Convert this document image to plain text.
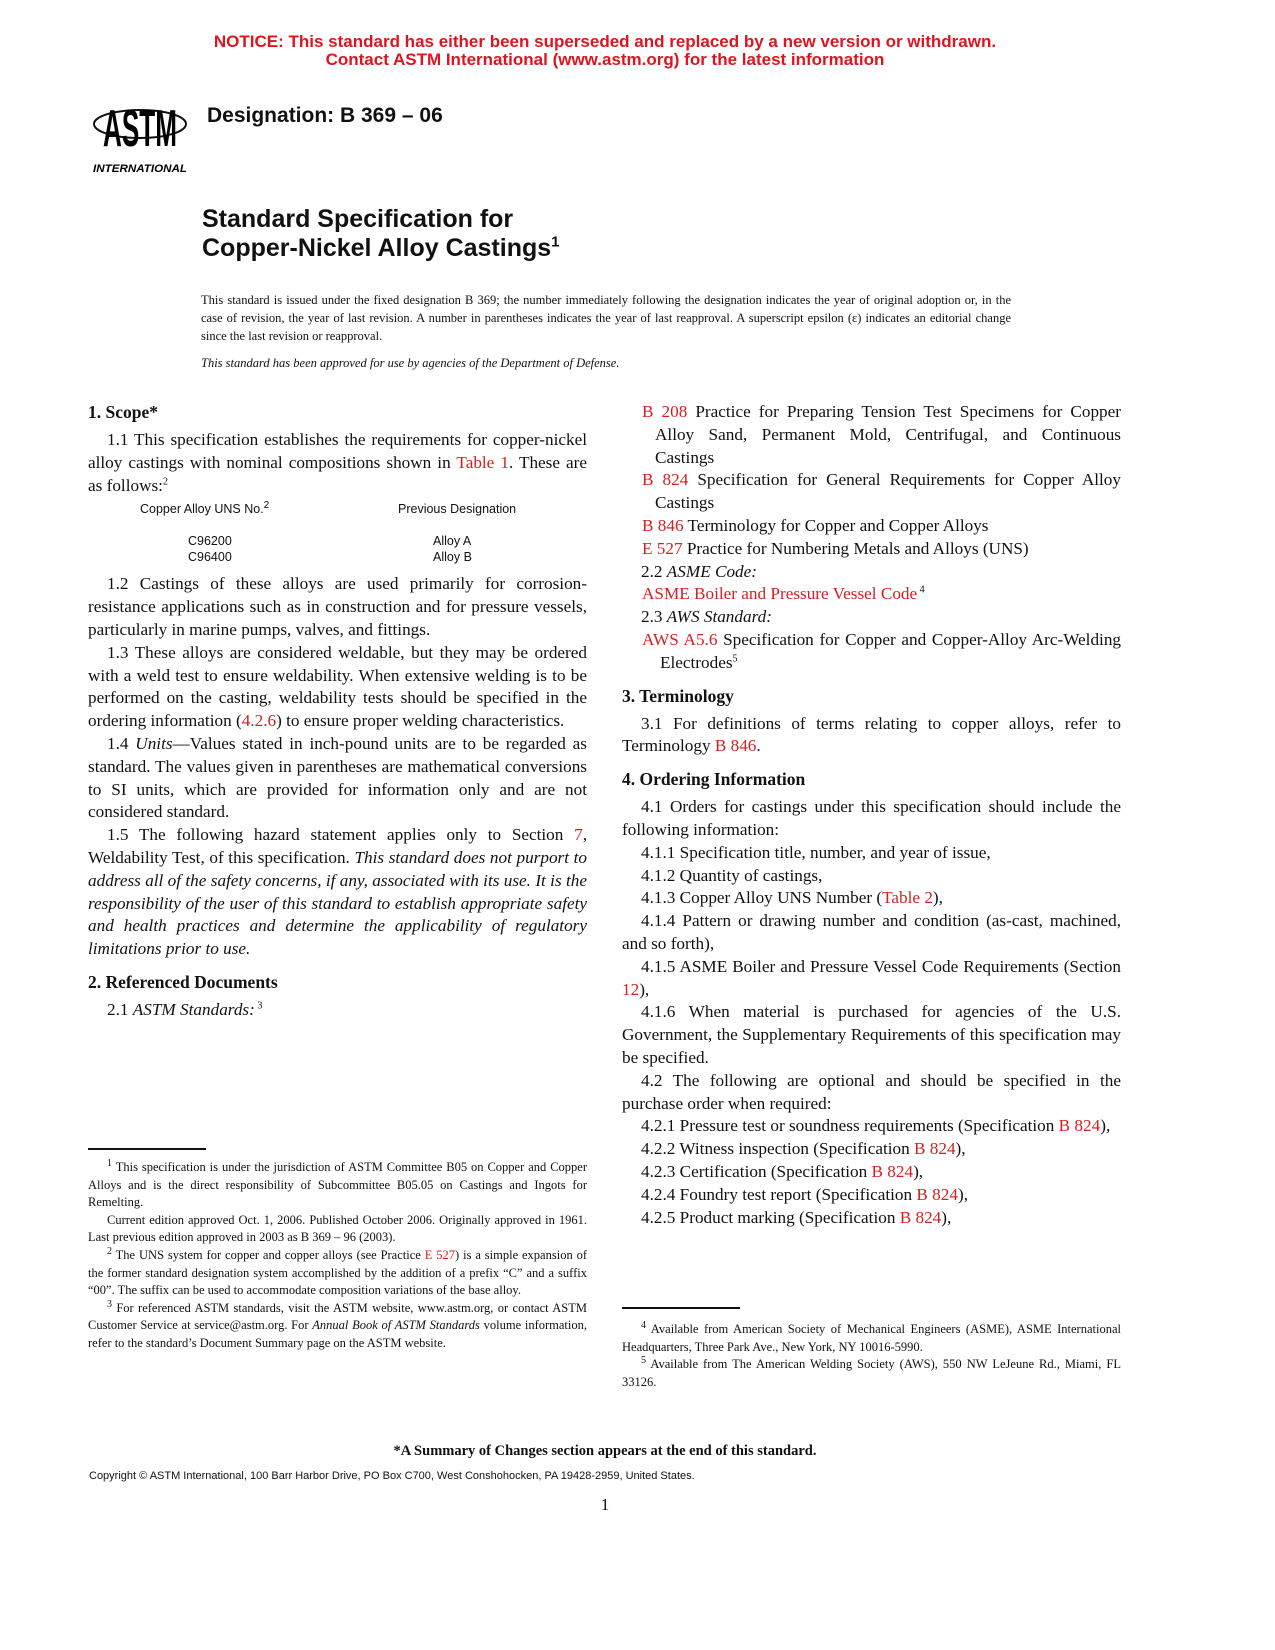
NOTICE: This standard has either been superseded and replaced by a new version or withdrawn.
Contact ASTM International (www.astm.org) for the latest information
ASTM
INTERNATIONAL
Designation: B 369 – 06
Standard Specification for
Copper-Nickel Alloy Castings$^1$
This standard is issued under the fixed designation B 369; the number immediately following the designation indicates the year of original adoption or, in the case of revision, the year of last revision. A number in parentheses indicates the year of last reapproval. A superscript epsilon (ε) indicates an editorial change since the last revision or reapproval.
This standard has been approved for use by agencies of the Department of Defense.
1. Scope*

1.1 This specification establishes the requirements for copper-nickel alloy castings with nominal compositions shown in Table 1. These are as follows:$^2$

Copper Alloy UNS No.$^2$	Previous Designation
C96200	Alloy A
C96400	Alloy B

1.2 Castings of these alloys are used primarily for corrosion-resistance applications such as in construction and for pressure vessels, particularly in marine pumps, valves, and fittings.

1.3 These alloys are considered weldable, but they may be ordered with a weld test to ensure weldability. When extensive welding is to be performed on the casting, weldability tests should be specified in the ordering information (4.2.6) to ensure proper welding characteristics.

1.4 Units—Values stated in inch-pound units are to be regarded as standard. The values given in parentheses are mathematical conversions to SI units, which are provided for information only and are not considered standard.

1.5 The following hazard statement applies only to Section 7, Weldability Test, of this specification. This standard does not purport to address all of the safety concerns, if any, associated with its use. It is the responsibility of the user of this standard to establish appropriate safety and health practices and determine the applicability of regulatory limitations prior to use.

2. Referenced Documents

2.1 ASTM Standards: $^3$

B 208 Practice for Preparing Tension Test Specimens for Copper Alloy Sand, Permanent Mold, Centrifugal, and Continuous Castings

B 824 Specification for General Requirements for Copper Alloy Castings

B 846 Terminology for Copper and Copper Alloys

E 527 Practice for Numbering Metals and Alloys (UNS)

2.2 ASME Code:

ASME Boiler and Pressure Vessel Code $^4$

2.3 AWS Standard:

AWS A5.6 Specification for Copper and Copper-Alloy Arc-Welding Electrodes$^5$

3. Terminology

3.1 For definitions of terms relating to copper alloys, refer to Terminology B 846.

4. Ordering Information

4.1 Orders for castings under this specification should include the following information:

4.1.1 Specification title, number, and year of issue,

4.1.2 Quantity of castings,

4.1.3 Copper Alloy UNS Number (Table 2),

4.1.4 Pattern or drawing number and condition (as-cast, machined, and so forth),

4.1.5 ASME Boiler and Pressure Vessel Code Requirements (Section 12),

4.1.6 When material is purchased for agencies of the U.S. Government, the Supplementary Requirements of this specification may be specified.

4.2 The following are optional and should be specified in the purchase order when required:

4.2.1 Pressure test or soundness requirements (Specification B 824),

4.2.2 Witness inspection (Specification B 824),

4.2.3 Certification (Specification B 824),

4.2.4 Foundry test report (Specification B 824),

4.2.5 Product marking (Specification B 824),

$^1$ This specification is under the jurisdiction of ASTM Committee B05 on Copper and Copper Alloys and is the direct responsibility of Subcommittee B05.05 on Castings and Ingots for Remelting.

Current edition approved Oct. 1, 2006. Published October 2006. Originally approved in 1961. Last previous edition approved in 2003 as B 369 – 96 (2003).

$^2$ The UNS system for copper and copper alloys (see Practice E 527) is a simple expansion of the former standard designation system accomplished by the addition of a prefix “C” and a suffix “00”. The suffix can be used to accommodate composition variations of the base alloy.

$^3$ For referenced ASTM standards, visit the ASTM website, www.astm.org, or contact ASTM Customer Service at service@astm.org. For Annual Book of ASTM Standards volume information, refer to the standard’s Document Summary page on the ASTM website.

$^4$ Available from American Society of Mechanical Engineers (ASME), ASME International Headquarters, Three Park Ave., New York, NY 10016-5990.

$^5$ Available from The American Welding Society (AWS), 550 NW LeJeune Rd., Miami, FL 33126.

*A Summary of Changes section appears at the end of this standard.
Copyright © ASTM International, 100 Barr Harbor Drive, PO Box C700, West Conshohocken, PA 19428-2959, United States.
1
